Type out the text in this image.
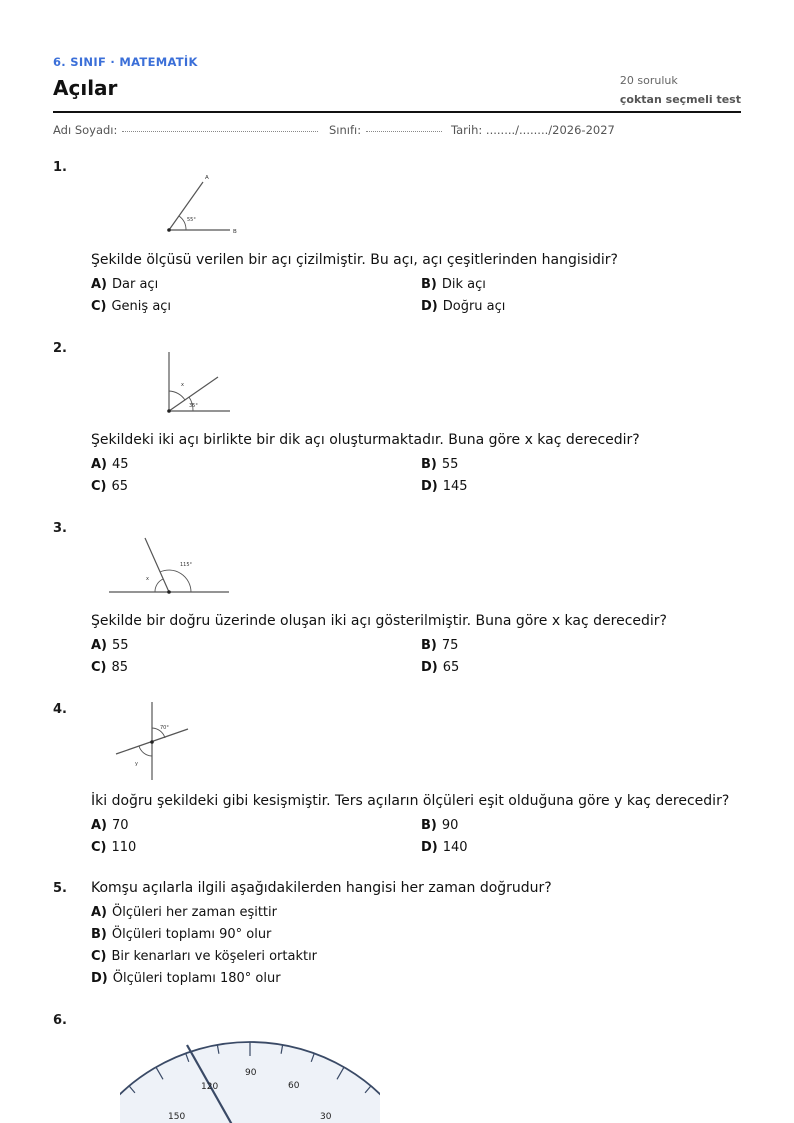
6. SINIF · MATEMATİK
Açılar	20 soruluk
çoktan seçmeli test
Adı Soyadı:	Sınıfı:	Tarih: ......../......../2026-2027
1.
A
B
55°
Şekilde ölçüsü verilen bir açı çizilmiştir. Bu açı, açı çeşitlerinden hangisidir?
A) Dar açı	B) Dik açı
C) Geniş açı	D) Doğru açı
2.
x
35°
Şekildeki iki açı birlikte bir dik açı oluşturmaktadır. Buna göre x kaç derecedir?
A) 45	B) 55
C) 65	D) 145
3.
x
115°
Şekilde bir doğru üzerinde oluşan iki açı gösterilmiştir. Buna göre x kaç derecedir?
A) 55	B) 75
C) 85	D) 65
4.
70°
y
İki doğru şekildeki gibi kesişmiştir. Ters açıların ölçüleri eşit olduğuna göre y kaç derecedir?
A) 70	B) 90
C) 110	D) 140
5. Komşu açılarla ilgili aşağıdakilerden hangisi her zaman doğrudur?
A) Ölçüleri her zaman eşittir
B) Ölçüleri toplamı 90° olur
C) Bir kenarları ve köşeleri ortaktır
D) Ölçüleri toplamı 180° olur
6.
120
90
60
150	30
